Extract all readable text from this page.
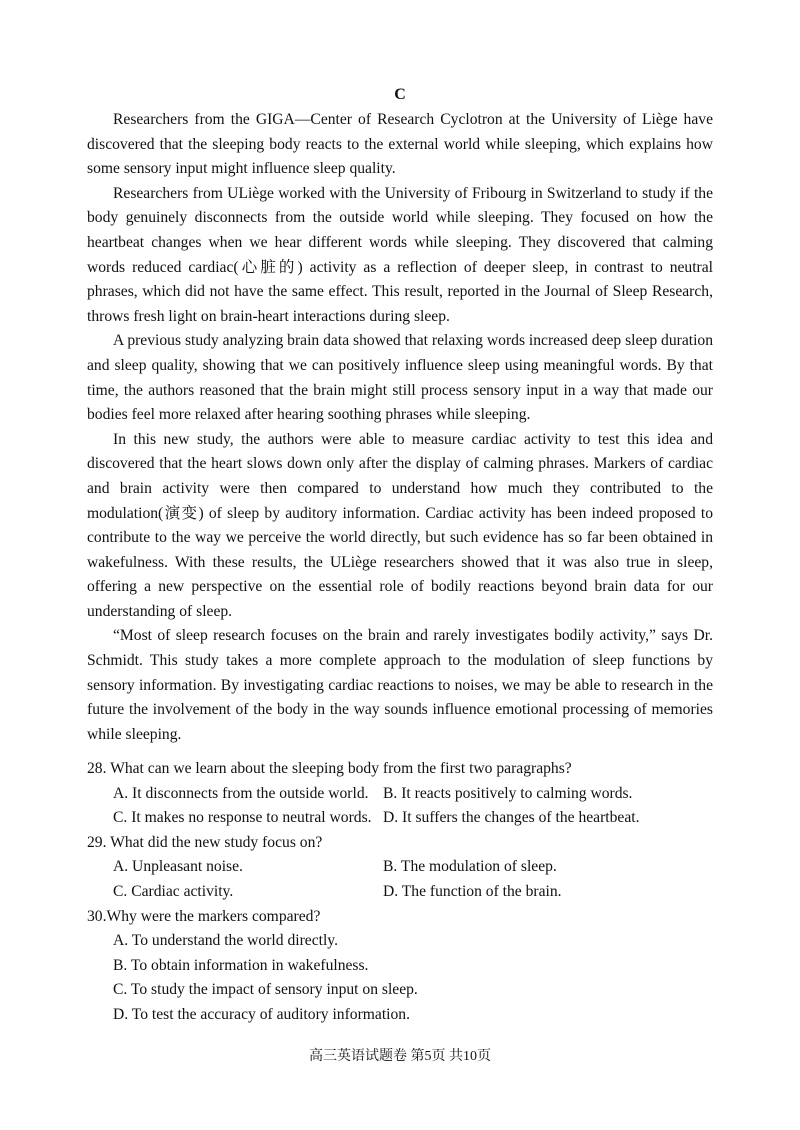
C

Researchers from the GIGA—Center of Research Cyclotron at the University of Liège have discovered that the sleeping body reacts to the external world while sleeping, which explains how some sensory input might influence sleep quality.

Researchers from ULiège worked with the University of Fribourg in Switzerland to study if the body genuinely disconnects from the outside world while sleeping. They focused on how the heartbeat changes when we hear different words while sleeping. They discovered that calming words reduced cardiac(心脏的) activity as a reflection of deeper sleep, in contrast to neutral phrases, which did not have the same effect. This result, reported in the Journal of Sleep Research, throws fresh light on brain-heart interactions during sleep.

A previous study analyzing brain data showed that relaxing words increased deep sleep duration and sleep quality, showing that we can positively influence sleep using meaningful words. By that time, the authors reasoned that the brain might still process sensory input in a way that made our bodies feel more relaxed after hearing soothing phrases while sleeping.

In this new study, the authors were able to measure cardiac activity to test this idea and discovered that the heart slows down only after the display of calming phrases. Markers of cardiac and brain activity were then compared to understand how much they contributed to the modulation(演变) of sleep by auditory information. Cardiac activity has been indeed proposed to contribute to the way we perceive the world directly, but such evidence has so far been obtained in wakefulness. With these results, the ULiège researchers showed that it was also true in sleep, offering a new perspective on the essential role of bodily reactions beyond brain data for our understanding of sleep.

“Most of sleep research focuses on the brain and rarely investigates bodily activity,” says Dr. Schmidt. This study takes a more complete approach to the modulation of sleep functions by sensory information. By investigating cardiac reactions to noises, we may be able to research in the future the involvement of the body in the way sounds influence emotional processing of memories while sleeping.

28. What can we learn about the sleeping body from the first two paragraphs?

A. It disconnects from the outside world. B. It reacts positively to calming words.
C. It makes no response to neutral words. D. It suffers the changes of the heartbeat.

29. What did the new study focus on?

A. Unpleasant noise.	B. The modulation of sleep.
C. Cardiac activity.	D. The function of the brain.

30.Why were the markers compared?

A. To understand the world directly.

B. To obtain information in wakefulness.

C. To study the impact of sensory input on sleep.

D. To test the accuracy of auditory information.

高三英语试题卷 第5页 共10页
